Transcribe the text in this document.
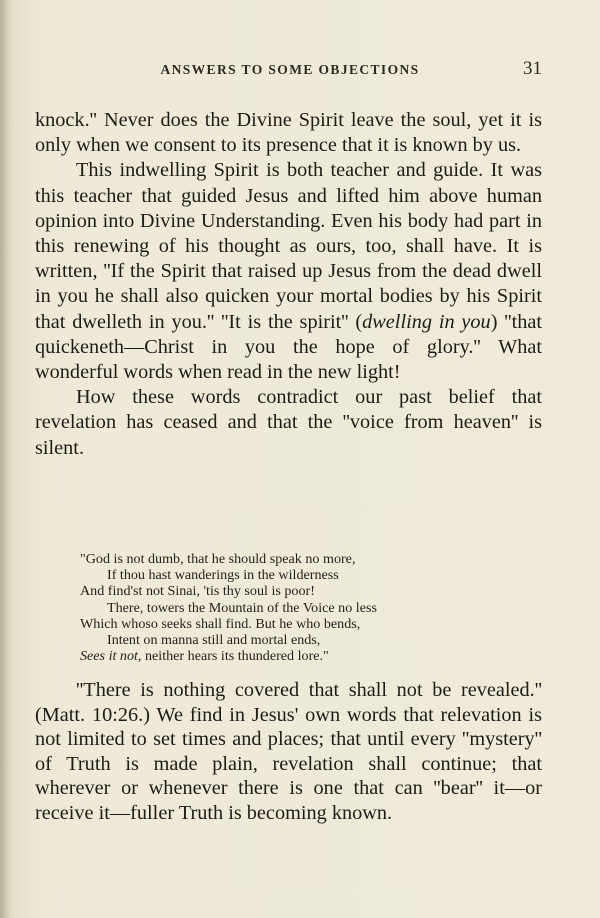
ANSWERS TO SOME OBJECTIONS	31

knock.'' Never does the Divine Spirit leave the soul, yet it is only when we consent to its presence that it is known by us.

This indwelling Spirit is both teacher and guide. It was this teacher that guided Jesus and lifted him above human opinion into Divine Understanding. Even his body had part in this renewing of his thought as ours, too, shall have. It is written, ''If the Spirit that raised up Jesus from the dead dwell in you he shall also quicken your mortal bodies by his Spirit that dwelleth in you.'' ''It is the spirit'' (dwelling in you) ''that quickeneth—Christ in you the hope of glory.'' What wonderful words when read in the new light!

How these words contradict our past belief that revelation has ceased and that the ''voice from heaven'' is silent.

"God is not dumb, that he should speak no more,
If thou hast wanderings in the wilderness
And find'st not Sinai, 'tis thy soul is poor!
There, towers the Mountain of the Voice no less
Which whoso seeks shall find. But he who bends,
Intent on manna still and mortal ends,
Sees it not, neither hears its thundered lore."

''There is nothing covered that shall not be revealed.'' (Matt. 10:26.) We find in Jesus' own words that relevation is not limited to set times and places; that until every ''mystery'' of Truth is made plain, revelation shall continue; that wherever or whenever there is one that can ''bear'' it—or receive it—fuller Truth is becoming known.
